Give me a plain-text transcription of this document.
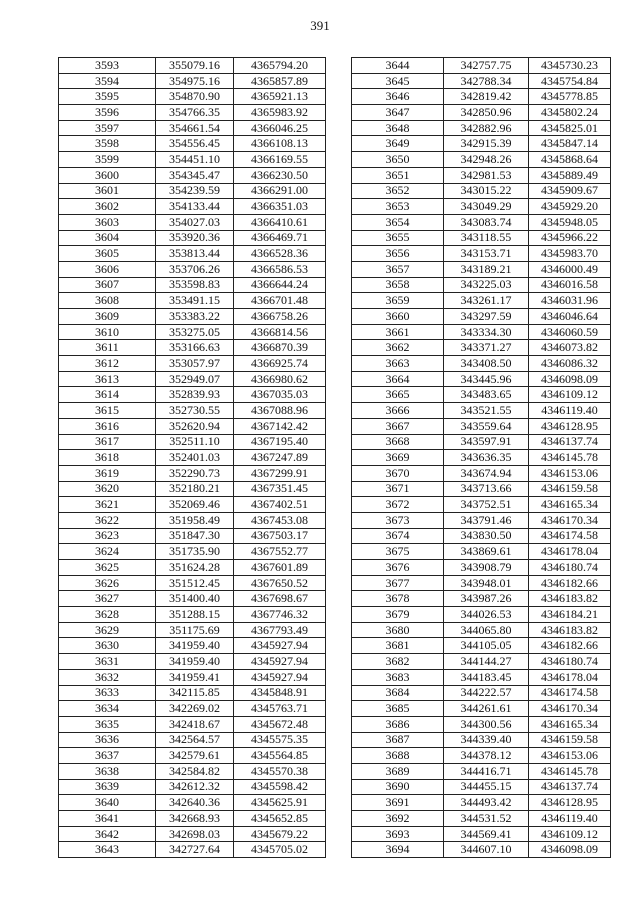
391
3593	355079.16	4365794.20
3594	354975.16	4365857.89
3595	354870.90	4365921.13
3596	354766.35	4365983.92
3597	354661.54	4366046.25
3598	354556.45	4366108.13
3599	354451.10	4366169.55
3600	354345.47	4366230.50
3601	354239.59	4366291.00
3602	354133.44	4366351.03
3603	354027.03	4366410.61
3604	353920.36	4366469.71
3605	353813.44	4366528.36
3606	353706.26	4366586.53
3607	353598.83	4366644.24
3608	353491.15	4366701.48
3609	353383.22	4366758.26
3610	353275.05	4366814.56
3611	353166.63	4366870.39
3612	353057.97	4366925.74
3613	352949.07	4366980.62
3614	352839.93	4367035.03
3615	352730.55	4367088.96
3616	352620.94	4367142.42
3617	352511.10	4367195.40
3618	352401.03	4367247.89
3619	352290.73	4367299.91
3620	352180.21	4367351.45
3621	352069.46	4367402.51
3622	351958.49	4367453.08
3623	351847.30	4367503.17
3624	351735.90	4367552.77
3625	351624.28	4367601.89
3626	351512.45	4367650.52
3627	351400.40	4367698.67
3628	351288.15	4367746.32
3629	351175.69	4367793.49
3630	341959.40	4345927.94
3631	341959.40	4345927.94
3632	341959.41	4345927.94
3633	342115.85	4345848.91
3634	342269.02	4345763.71
3635	342418.67	4345672.48
3636	342564.57	4345575.35
3637	342579.61	4345564.85
3638	342584.82	4345570.38
3639	342612.32	4345598.42
3640	342640.36	4345625.91
3641	342668.93	4345652.85
3642	342698.03	4345679.22
3643	342727.64	4345705.02
3644	342757.75	4345730.23
3645	342788.34	4345754.84
3646	342819.42	4345778.85
3647	342850.96	4345802.24
3648	342882.96	4345825.01
3649	342915.39	4345847.14
3650	342948.26	4345868.64
3651	342981.53	4345889.49
3652	343015.22	4345909.67
3653	343049.29	4345929.20
3654	343083.74	4345948.05
3655	343118.55	4345966.22
3656	343153.71	4345983.70
3657	343189.21	4346000.49
3658	343225.03	4346016.58
3659	343261.17	4346031.96
3660	343297.59	4346046.64
3661	343334.30	4346060.59
3662	343371.27	4346073.82
3663	343408.50	4346086.32
3664	343445.96	4346098.09
3665	343483.65	4346109.12
3666	343521.55	4346119.40
3667	343559.64	4346128.95
3668	343597.91	4346137.74
3669	343636.35	4346145.78
3670	343674.94	4346153.06
3671	343713.66	4346159.58
3672	343752.51	4346165.34
3673	343791.46	4346170.34
3674	343830.50	4346174.58
3675	343869.61	4346178.04
3676	343908.79	4346180.74
3677	343948.01	4346182.66
3678	343987.26	4346183.82
3679	344026.53	4346184.21
3680	344065.80	4346183.82
3681	344105.05	4346182.66
3682	344144.27	4346180.74
3683	344183.45	4346178.04
3684	344222.57	4346174.58
3685	344261.61	4346170.34
3686	344300.56	4346165.34
3687	344339.40	4346159.58
3688	344378.12	4346153.06
3689	344416.71	4346145.78
3690	344455.15	4346137.74
3691	344493.42	4346128.95
3692	344531.52	4346119.40
3693	344569.41	4346109.12
3694	344607.10	4346098.09
